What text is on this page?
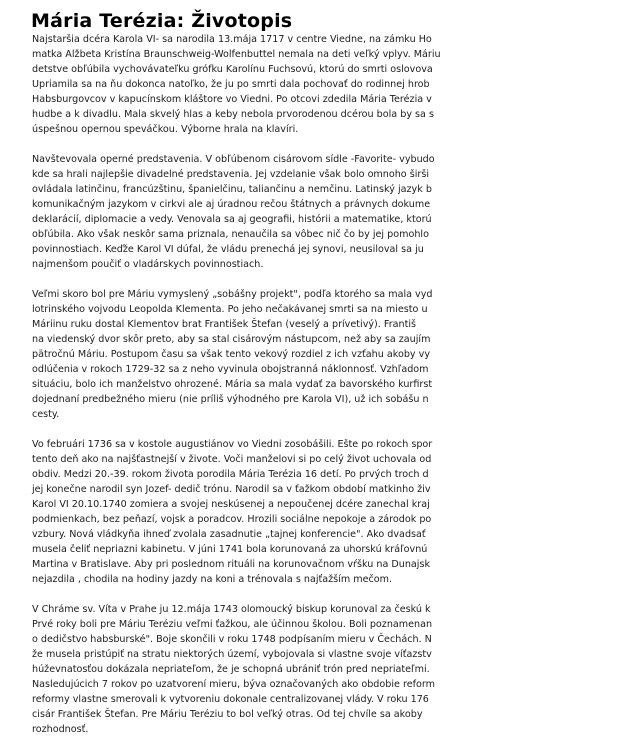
Mária Terézia: Životopis
Najstaršia dcéra Karola VI- sa narodila 13.mája 1717 v centre Viedne, na zámku Ho
matka Alžbeta Kristína Braunschweig-Wolfenbuttel nemala na deti veľký vplyv. Máriu
detstve obľúbila vychovávateľku grófku Karolínu Fuchsovú, ktorú do smrti oslovova
Upriamila sa na ňu dokonca natoľko, že ju po smrti dala pochovať do rodinnej hrob
Habsburgovcov v kapucínskom kláštore vo Viedni. Po otcovi zdedila Mária Terézia v
hudbe a k divadlu. Mala skvelý hlas a keby nebola prvorodenou dcérou bola by sa s
úspešnou opernou speváčkou. Výborne hrala na klavíri.
Navštevovala operné predstavenia. V obľúbenom cisárovom sídle -Favorite- vybudo
kde sa hrali najlepšie divadelné predstavenia. Jej vzdelanie však bolo omnoho širši
ovládala latinčinu, francúzštinu, španielčinu, taliančinu a nemčinu. Latinský jazyk b
komunikačným jazykom v cirkvi ale aj úradnou rečou štátnych a právnych dokume
deklarácií, diplomacie a vedy. Venovala sa aj geografii, histórii a matematike, ktorú
obľúbila. Ako však neskôr sama priznala, nenaučila sa vôbec nič čo by jej pomohlo
povinnostiach. Keďže Karol VI dúfal, že vládu prenechá jej synovi, neusiloval sa ju
najmenšom poučiť o vladárskych povinnostiach.
Veľmi skoro bol pre Máriu vymyslený „sobášny projekt", podľa ktorého sa mala vyd
lotrinského vojvodu Leopolda Klementa. Po jeho nečakávanej smrti sa na miesto u
Máriinu ruku dostal Klementov brat František Štefan (veselý a prívetivý). Františ
na viedenský dvor skôr preto, aby sa stal cisárovým nástupcom, než aby sa zaujím
pätročnú Máriu. Postupom času sa však tento vekový rozdiel z ich vzťahu akoby vy
odlúčenia v rokoch 1729-32 sa z neho vyvinula obojstranná náklonnosť. Vzhľadom
situáciu, bolo ich manželstvo ohrozené. Mária sa mala vydať za bavorského kurfirst
dojednaní predbežného mieru (nie príliš výhodného pre Karola VI), už ich sobášu n
cesty.
Vo februári 1736 sa v kostole augustiánov vo Viedni zosobášili. Ešte po rokoch spor
tento deň ako na najšťastnejší v živote. Voči manželovi si po celý život uchovala od
obdiv. Medzi 20.-39. rokom života porodila Mária Terézia 16 detí. Po prvých troch d
jej konečne narodil syn Jozef- dedič trónu. Narodil sa v ťažkom období matkinho živ
Karol VI 20.10.1740 zomiera a svojej neskúsenej a nepoučenej dcére zanechal kraj
podmienkach, bez peňazí, vojsk a poradcov. Hrozili sociálne nepokoje a zárodok po
vzbury. Nová vládkyňa ihneď zvolala zasadnutie „tajnej konferencie". Ako dvadsať
musela čeliť nepriazni kabinetu. V júni 1741 bola korunovaná za uhorskú kráľovnú
Martina v Bratislave. Aby pri poslednom rituáli na korunovačnom vŕšku na Dunajsk
nejazdila , chodila na hodiny jazdy na koni a trénovala s najťažším mečom.
V Chráme sv. Víta v Prahe ju 12.mája 1743 olomoucký biskup korunoval za českú k
Prvé roky boli pre Máriu Teréziu veľmi ťažkou, ale účinnou školou. Boli poznamenan
o dedičstvo habsburské". Boje skončili v roku 1748 podpísaním mieru v Čechách. N
že musela pristúpiť na stratu niektorých území, vybojovala si vlastne svoje víťazstv
húževnatosťou dokázala nepriateľom, že je schopná ubrániť trón pred nepriateľmi.
Nasledujúcich 7 rokov po uzatvorení mieru, býva označovaných ako obdobie reform
reformy vlastne smerovali k vytvoreniu dokonale centralizovanej vlády. V roku 176
cisár František Štefan. Pre Máriu Teréziu to bol veľký otras. Od tej chvíle sa akoby
rozhodnosť.
